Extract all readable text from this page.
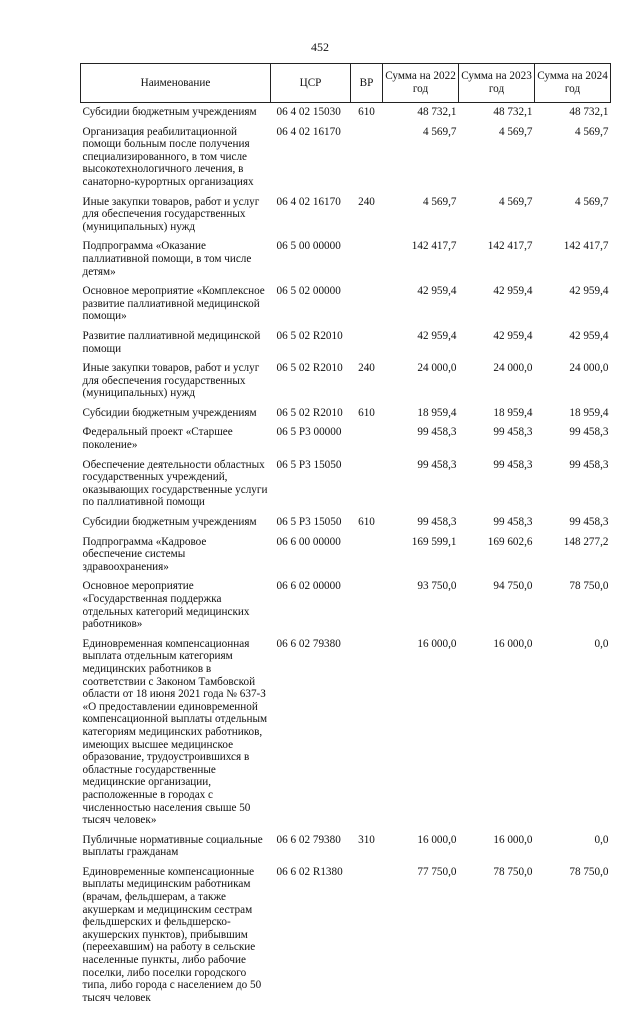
452
Наименование	ЦСР	ВР	Сумма на 2022 год	Сумма на 2023 год	Сумма на 2024 год
Субсидии бюджетным учреждениям	06 4 02 15030	610	48 732,1	48 732,1	48 732,1
Организация реабилитационной помощи больным после получения специализированного, в том числе высокотехнологичного лечения, в санаторно-курортных организациях	06 4 02 16170		4 569,7	4 569,7	4 569,7
Иные закупки товаров, работ и услуг для обеспечения государственных (муниципальных) нужд	06 4 02 16170	240	4 569,7	4 569,7	4 569,7
Подпрограмма «Оказание паллиативной помощи, в том числе детям»	06 5 00 00000		142 417,7	142 417,7	142 417,7
Основное мероприятие «Комплексное развитие паллиативной медицинской помощи»	06 5 02 00000		42 959,4	42 959,4	42 959,4
Развитие паллиативной медицинской помощи	06 5 02 R2010		42 959,4	42 959,4	42 959,4
Иные закупки товаров, работ и услуг для обеспечения государственных (муниципальных) нужд	06 5 02 R2010	240	24 000,0	24 000,0	24 000,0
Субсидии бюджетным учреждениям	06 5 02 R2010	610	18 959,4	18 959,4	18 959,4
Федеральный проект «Старшее поколение»	06 5 P3 00000		99 458,3	99 458,3	99 458,3
Обеспечение деятельности областных государственных учреждений, оказывающих государственные услуги по паллиативной помощи	06 5 P3 15050		99 458,3	99 458,3	99 458,3
Субсидии бюджетным учреждениям	06 5 P3 15050	610	99 458,3	99 458,3	99 458,3
Подпрограмма «Кадровое обеспечение системы здравоохранения»	06 6 00 00000		169 599,1	169 602,6	148 277,2
Основное мероприятие «Государственная поддержка отдельных категорий медицинских работников»	06 6 02 00000		93 750,0	94 750,0	78 750,0
Единовременная компенсационная выплата отдельным категориям медицинских работников в соответствии с Законом Тамбовской области от 18 июня 2021 года № 637-З «О предоставлении единовременной компенсационной выплаты отдельным категориям медицинских работников, имеющих высшее медицинское образование, трудоустроившихся в областные государственные медицинские организации, расположенные в городах с численностью населения свыше 50 тысяч человек»	06 6 02 79380		16 000,0	16 000,0	0,0
Публичные нормативные социальные выплаты гражданам	06 6 02 79380	310	16 000,0	16 000,0	0,0
Единовременные компенсационные выплаты медицинским работникам (врачам, фельдшерам, а также акушеркам и медицинским сестрам фельдшерских и фельдшерско-акушерских пунктов), прибывшим (переехавшим) на работу в сельские населенные пункты, либо рабочие поселки, либо поселки городского типа, либо города с населением до 50 тысяч человек	06 6 02 R1380		77 750,0	78 750,0	78 750,0
